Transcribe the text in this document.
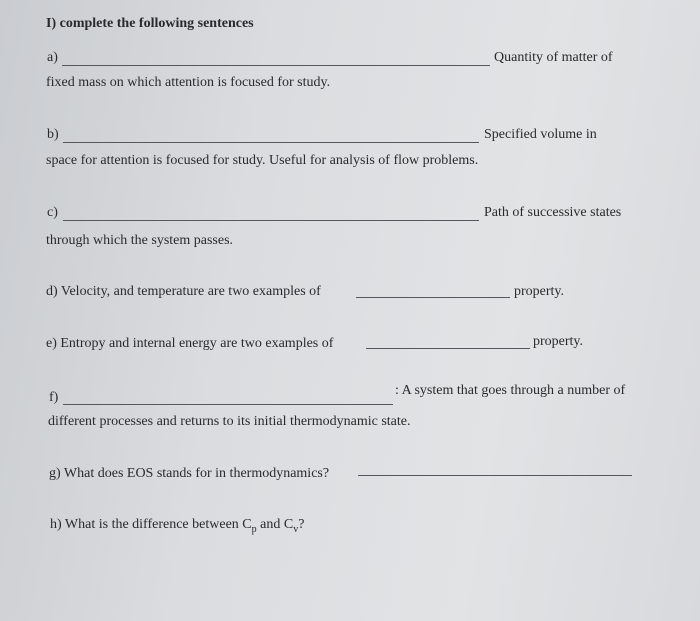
I) complete the following sentences
a)	Quantity of matter of
fixed mass on which attention is focused for study.
b)	Specified volume in
space for attention is focused for study. Useful for analysis of flow problems.
c)	Path of successive states
through which the system passes.
d) Velocity, and temperature are two examples of	property.
e) Entropy and internal energy are two examples of	property.
f)	: A system that goes through a number of
different processes and returns to its initial thermodynamic state.
g) What does EOS stands for in thermodynamics?
h) What is the difference between $C_p$ and $C_v$?
